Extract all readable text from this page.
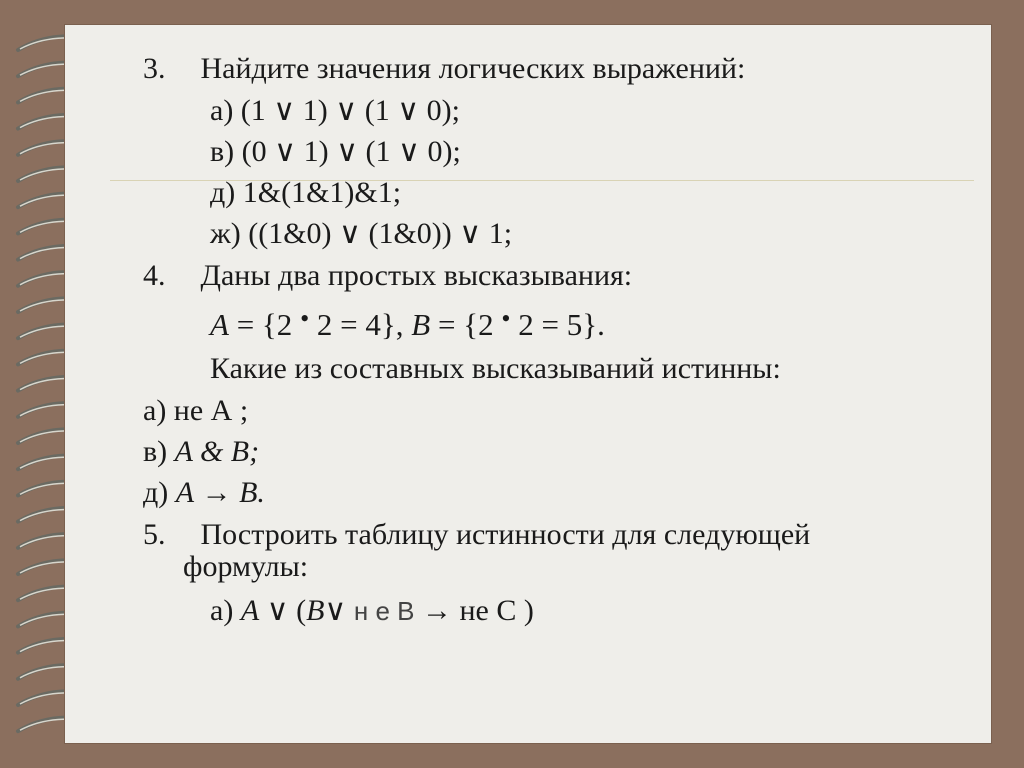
3. Найдите значения логических выражений:
а) (1 ∨ 1) ∨ (1 ∨ 0);
в) (0 ∨ 1) ∨ (1 ∨ 0);
д) 1&(1&1)&1;
ж) ((1&0) ∨ (1&0)) ∨ 1;
4. Даны два простых высказывания:
A = {2 • 2 = 4}, B = {2 • 2 = 5}.
Какие из составных высказываний истинны:
а) не А ;
в) A & B;
д) A → B.
5. Построить таблицу истинности для следующей
формулы:
а) A ∨ (B∨ н е В → не С )
